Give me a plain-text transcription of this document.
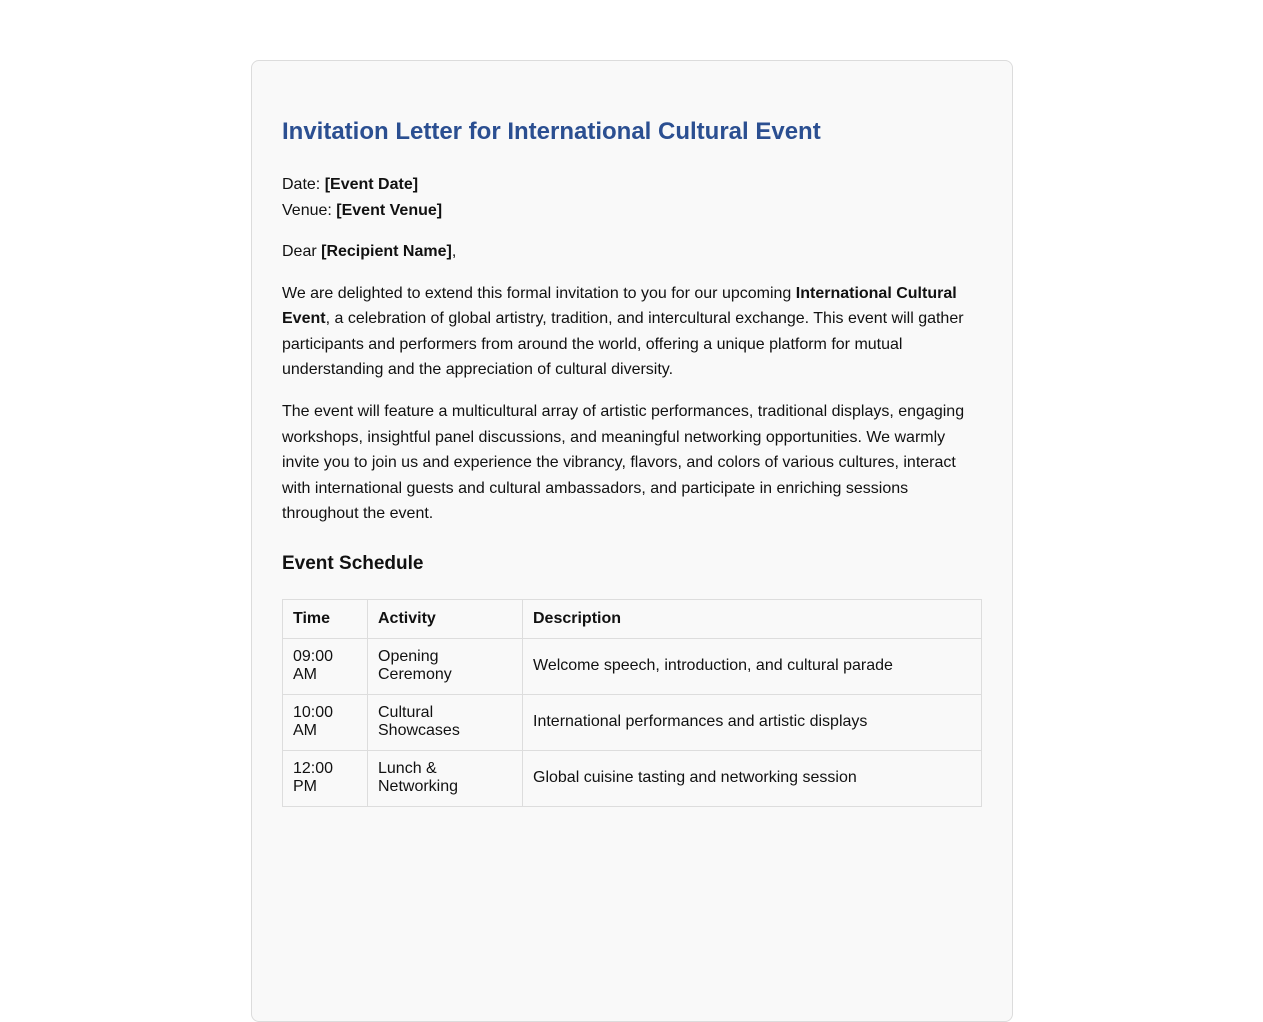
Invitation Letter for International Cultural Event
Date: [Event Date]
Venue: [Event Venue]

Dear [Recipient Name],

We are delighted to extend this formal invitation to you for our upcoming International Cultural Event, a celebration of global artistry, tradition, and intercultural exchange. This event will gather participants and performers from around the world, offering a unique platform for mutual understanding and the appreciation of cultural diversity.

The event will feature a multicultural array of artistic performances, traditional displays, engaging workshops, insightful panel discussions, and meaningful networking opportunities. We warmly invite you to join us and experience the vibrancy, flavors, and colors of various cultures, interact with international guests and cultural ambassadors, and participate in enriching sessions throughout the event.

Event Schedule
Time	Activity	Description
09:00 AM	Opening Ceremony	Welcome speech, introduction, and cultural parade
10:00 AM	Cultural Showcases	International performances and artistic displays
12:00 PM	Lunch & Networking	Global cuisine tasting and networking session
